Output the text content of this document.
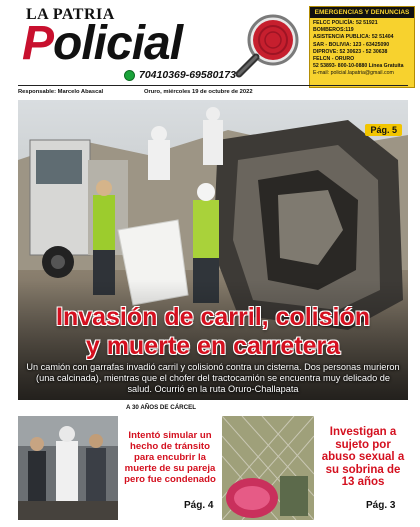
LA PATRIA
Policial
70410369-69580173
EMERGENCIAS Y DENUNCIAS
FELCC POLICÍA: 52 51921
BOMBEROS:119
ASISTENCIA PUBLICA: 52 51404
SAR - BOLIVIA: 123 - 63425090
DIPROVE: 52 30623 - 52 30638
FELCN - ORURO
52 53893- 800-10-0880 Línea Gratuita
E-mail: policial.lapatria@gmail.com
Responsable: Marcelo Abascal	Oruro, miércoles 19 de octubre de 2022
Pág. 5
Invasión de carril, colisión
y muerte en carretera
Un camión con garrafas invadió carril y colisionó contra un cisterna. Dos personas murieron (una calcinada), mientras que el chofer del tractocamión se encuentra muy delicado de salud. Ocurrió en la ruta Oruro-Challapata
A 30 AÑOS DE CÁRCEL
Intentó simular un hecho de tránsito para encubrir la muerte de su pareja pero fue condenado
Pág. 4
Investigan a sujeto por abuso sexual a su sobrina de 13 años
Pág. 3
